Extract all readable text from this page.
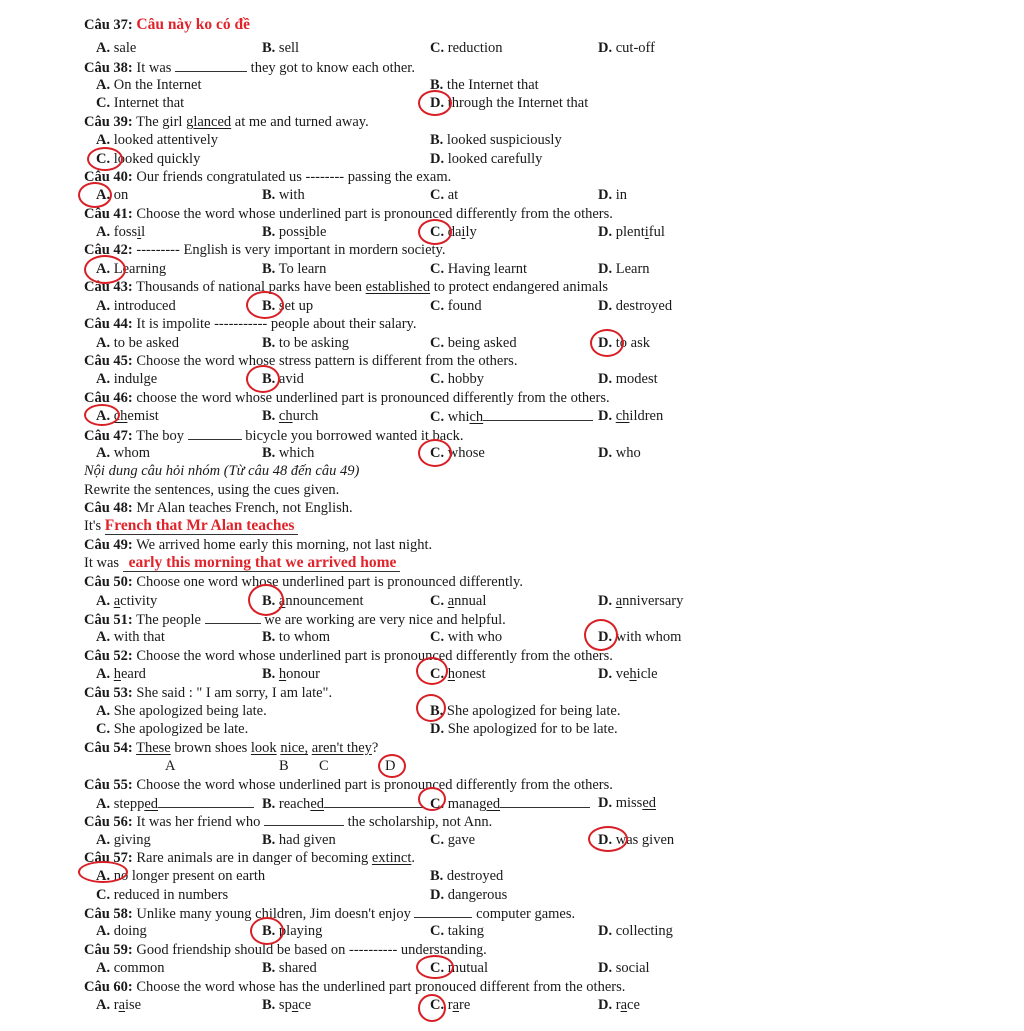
Câu 37: Câu này ko có đề
A. sale	B. sell	C. reduction	D. cut-off
Câu 38: It was	they got to know each other.
A. On the Internet	B. the Internet that
C. Internet that	D. through the Internet that
Câu 39: The girl glanced at me and turned away.
A. looked attentively	B. looked suspiciously
C. looked quickly	D. looked carefully
Câu 40: Our friends congratulated us -------- passing the exam.
A. on	B. with	C. at	D. in
Câu 41: Choose the word whose underlined part is pronounced differently from the others.
A. fossil	B. possible	C. daily	D. plentiful
Câu 42: --------- English is very important in mordern society.
A. Learning	B. To learn	C. Having learnt	D. Learn
Câu 43: Thousands of national parks have been established to protect endangered animals
A. introduced	B. set up	C. found	D. destroyed
Câu 44: It is impolite ----------- people about their salary.
A. to be asked	B. to be asking	C. being asked	D. to ask
Câu 45: Choose the word whose stress pattern is different from the others.
A. indulge	B. avid	C. hobby	D. modest
Câu 46: choose the word whose underlined part is pronounced differently from the others.
A. chemist	B. church	C. which	D. children
Câu 47: The boy	bicycle you borrowed wanted it back.
A. whom	B. which	C. whose	D. who
Nội dung câu hỏi nhóm (Từ câu 48 đến câu 49)
Rewrite the sentences, using the cues given.
Câu 48: Mr Alan teaches French, not English.
It's French that Mr Alan teaches
Câu 49: We arrived home early this morning, not last night.
It was early this morning that we arrived home
Câu 50: Choose one word whose underlined part is pronounced differently.
A. activity	B. announcement	C. annual	D. anniversary
Câu 51: The people	we are working are very nice and helpful.
A. with that	B. to whom	C. with who	D. with whom
Câu 52: Choose the word whose underlined part is pronounced differently from the others.
A. heard	B. honour	C. honest	D. vehicle
Câu 53: She said : " I am sorry, I am late".
A. She apologized being late.	B. She apologized for being late.
C. She apologized be late.	D. She apologized for to be late.
Câu 54: These brown shoes look nice, aren't they?
A	B C	D
Câu 55: Choose the word whose underlined part is pronounced differently from the others.
A. stepped	B. reached	C. managed	D. missed
Câu 56: It was her friend who	the scholarship, not Ann.
A. giving	B. had given	C. gave	D. was given
Câu 57: Rare animals are in danger of becoming extinct.
A. no longer present on earth	B. destroyed
C. reduced in numbers	D. dangerous
Câu 58: Unlike many young children, Jim doesn't enjoy	computer games.
A. doing	B. playing	C. taking	D. collecting
Câu 59: Good friendship should be based on ---------- understanding.
A. common	B. shared	C. mutual	D. social
Câu 60: Choose the word whose has the underlined part pronouced different from the others.
A. raise	B. space	C. rare	D. race
